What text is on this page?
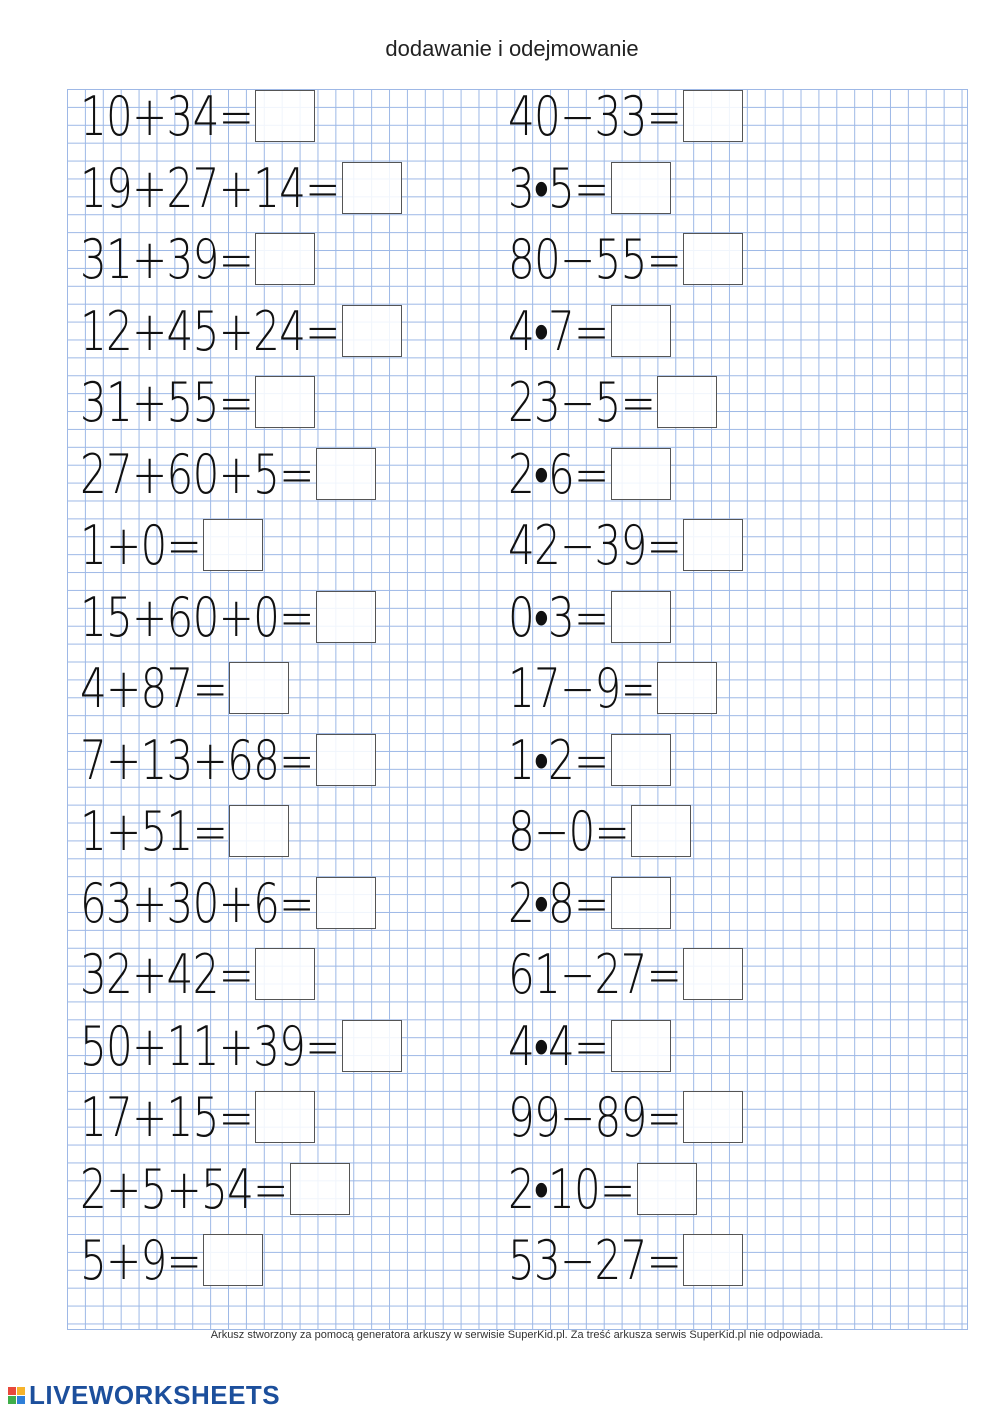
dodawanie i odejmowanie
10+34=
19+27+14=
31+39=
12+45+24=
31+55=
27+60+5=
1+0=
15+60+0=
4+87=
7+13+68=
1+51=
63+30+6=
32+42=
50+11+39=
17+15=
2+5+54=
5+9=
40−33=
3•5=
80−55=
4•7=
23−5=
2•6=
42−39=
0•3=
17−9=
1•2=
8−0=
2•8=
61−27=
4•4=
99−89=
2•10=
53−27=
Arkusz stworzony za pomocą generatora arkuszy w serwisie SuperKid.pl. Za treść arkusza serwis SuperKid.pl nie odpowiada.
LIVEWORKSHEETS
